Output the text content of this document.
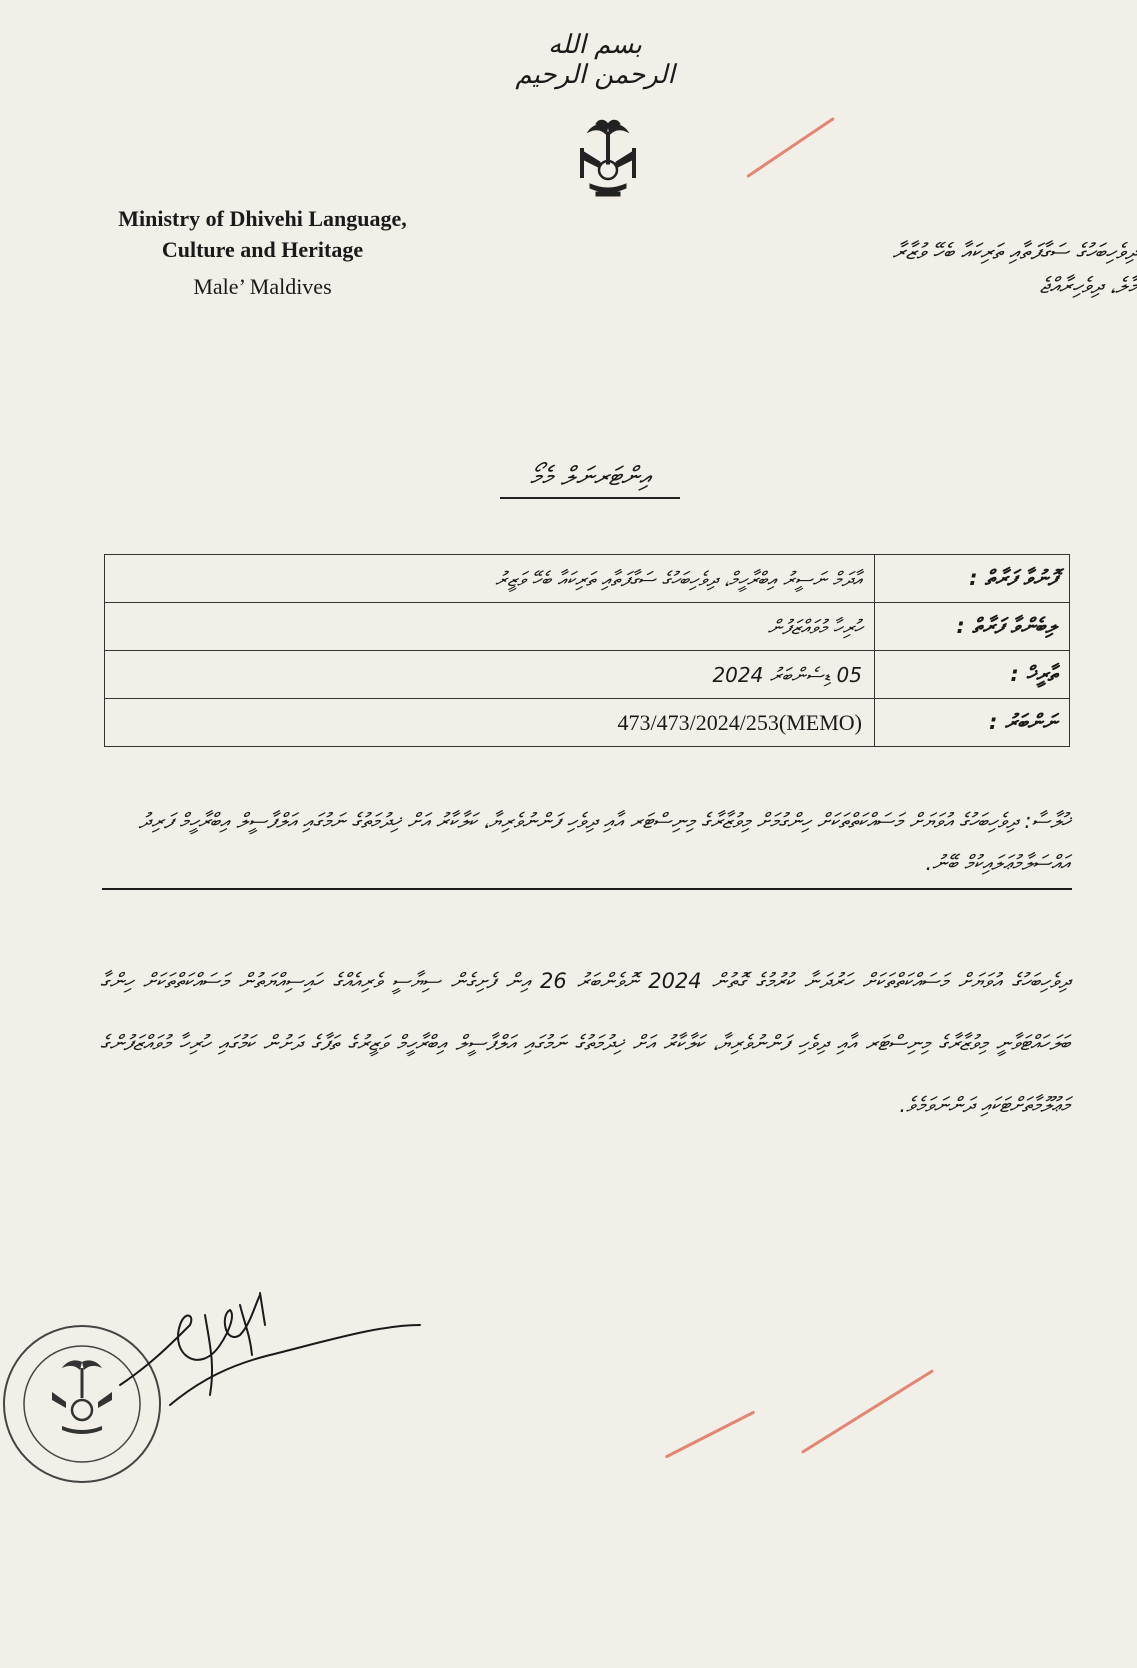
بسم الله الرحمن الرحيم
Ministry of Dhivehi Language,
Culture and Heritage
Male’ Maldives
ދިވެހިބަހުގެ ސަގާފަތާއި ތަރިކައާ ބެހޭ ވުޒާރާ
މާލެ، ދިވެހިރާއްޖެ
އިންޓަރނަލް މެމޯ
އާދަމް ނަސީރު އިބްރާހީމް، ދިވެހިބަހުގެ ސަގާފަތާއި ތަރިކައާ ބެހޭ ވަޒީރު	ފޮނުވާ ފަރާތް :
ހުރިހާ މުވައްޒަފުން	ލިބެންވާ ފަރާތް :
05 ޑިސެންބަރު 2024	ތާރީޚް :
(MEMO)473/473/2024/253	ނަންބަރު :
ޚުލާސާ: ދިވެހިބަހުގެ އުވަޔަށް މަސައްކަތްތަކަށް ހިންގުމަށް މިވުޒާރާގެ މިނިސްޓަރ އާއި ދިވެހި ފަންނުވެރިޔާ، ކަލާކާރު އަށް ޚިދުމަތުގެ ނަމުގައި އަލްފާސީލް އިބްރާހީމް ފަރިދު އައްސަލާމުޢަލައިކުމް ބޭނު.
ދިވެހިބަހުގެ އުވަޔަށް މަސައްކަތްތަކަށް ހަރުދަނާ ކުރުމުގެ ގޮތުން 2024 ނޮވެންބަރު 26 އިން ފެށިގެން ސިޔާސީ ވެރިއެއްގެ ހައިސިއްޔަތުން މަސައްކަތްތަކަށް ހިންގާ ބަލަހައްޓަވާނީ މިވުޒާރާގެ މިނިސްޓަރ އާއި ދިވެހި ފަންނުވެރިޔާ، ކަލާކާރު އަށް ޚިދުމަތުގެ ނަމުގައި އަލްފާސީލް އިބްރާހީމް ވަޒީރުގެ ތަފާގެ ދަށުން ކަމުގައި ހުރިހާ މުވައްޒަފުންގެ މަޢުލޫމާތަށްޓަކައި ދަންނަވަމެވެ.
